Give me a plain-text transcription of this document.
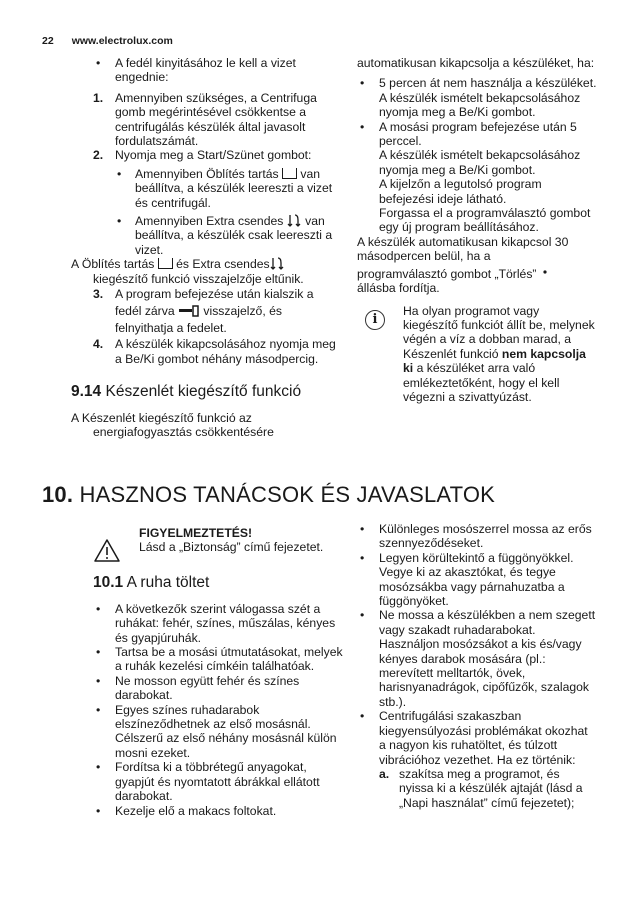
22 www.electrolux.com

• A fedél kinyitásához le kell a vizet engednie:

1. Amennyiben szükséges, a Centrifuga gomb megérintésével csökkentse a centrifugálás készülék által javasolt fordulatszámát.

2. Nyomja meg a Start/Szünet gombot:

• Amennyiben Öblítés tartás van beállítva, a készülék leereszti a vizet és centrifugál.

• Amennyiben Extra csendes van beállítva, a készülék csak leereszti a vizet.

A Öblítés tartás és Extra csendes
kiegészítő funkció visszajelzője eltűnik.

3. A program befejezése után kialszik a fedél zárva visszajelző, és felnyithatja a fedelet.

4. A készülék kikapcsolásához nyomja meg a Be/Ki gombot néhány másodpercig.

9.14 Készenlét kiegészítő funkció

A Készenlét kiegészítő funkció az energiafogyasztás csökkentésére

automatikusan kikapcsolja a készüléket, ha:

• 5 percen át nem használja a készüléket.

A készülék ismételt bekapcsolásához nyomja meg a Be/Ki gombot.

• A mosási program befejezése után 5 perccel.

A készülék ismételt bekapcsolásához nyomja meg a Be/Ki gombot.

A kijelzőn a legutolsó program befejezési ideje látható.

Forgassa el a programválasztó gombot egy új program beállításához.

A készülék automatikusan kikapcsol 30 másodpercen belül, ha a

programválasztó gombot „Törlés”
állásba fordítja.

i

Ha olyan programot vagy kiegészítő funkciót állít be, melynek végén a víz a dobban marad, a Készenlét funkció nem kapcsolja ki a készüléket arra való emlékeztetőként, hogy el kell végezni a szivattyúzást.

10. HASZNOS TANÁCSOK ÉS JAVASLATOK

FIGYELMEZTETÉS!

Lásd a „Biztonság” című fejezetet.

10.1 A ruha töltet

• A következők szerint válogassa szét a ruhákat: fehér, színes, műszálas, kényes és gyapjúruhák.

• Tartsa be a mosási útmutatásokat, melyek a ruhák kezelési címkéin találhatóak.

• Ne mosson együtt fehér és színes darabokat.

• Egyes színes ruhadarabok elszíneződhetnek az első mosásnál. Célszerű az első néhány mosásnál külön mosni ezeket.

• Fordítsa ki a többrétegű anyagokat, gyapjút és nyomtatott ábrákkal ellátott darabokat.

• Kezelje elő a makacs foltokat.

• Különleges mosószerrel mossa az erős szennyeződéseket.

• Legyen körültekintő a függönyökkel. Vegye ki az akasztókat, és tegye mosózsákba vagy párnahuzatba a függönyöket.

• Ne mossa a készülékben a nem szegett vagy szakadt ruhadarabokat. Használjon mosózsákot a kis és/vagy kényes darabok mosására (pl.: merevített melltartók, övek, harisnyanadrágok, cipőfűzők, szalagok stb.).

• Centrifugálási szakaszban kiegyensúlyozási problémákat okozhat a nagyon kis ruhatöltet, és túlzott vibrációhoz vezethet. Ha ez történik:

a. szakítsa meg a programot, és nyissa ki a készülék ajtaját (lásd a „Napi használat” című fejezetet);
